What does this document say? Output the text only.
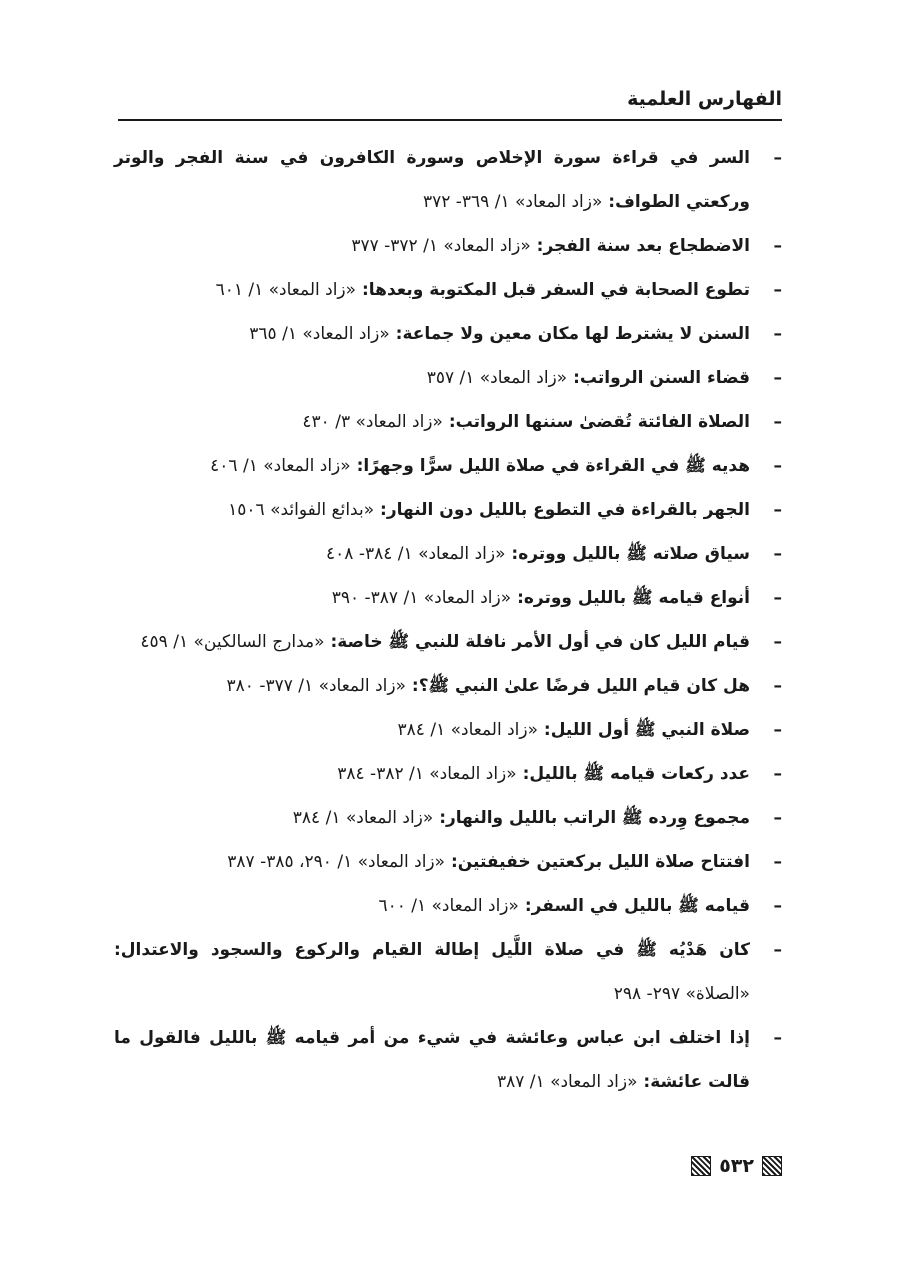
الفهارس العلمية
–
السر في قراءة سورة الإخلاص وسورة الكافرون في سنة الفجر والوتر وركعتي الطواف: «زاد المعاد» ١/ ٣٦٩- ٣٧٢
–
الاضطجاع بعد سنة الفجر: «زاد المعاد» ١/ ٣٧٢- ٣٧٧
–
تطوع الصحابة في السفر قبل المكتوبة وبعدها: «زاد المعاد» ١/ ٦٠١
–
السنن لا يشترط لها مكان معين ولا جماعة: «زاد المعاد» ١/ ٣٦٥
–
قضاء السنن الرواتب: «زاد المعاد» ١/ ٣٥٧
–
الصلاة الفائتة تُقضىٰ سننها الرواتب: «زاد المعاد» ٣/ ٤٣٠
–
هديه ﷺ في القراءة في صلاة الليل سرًّا وجهرًا: «زاد المعاد» ١/ ٤٠٦
–
الجهر بالقراءة في التطوع بالليل دون النهار: «بدائع الفوائد» ١٥٠٦
–
سياق صلاته ﷺ بالليل ووتره: «زاد المعاد» ١/ ٣٨٤- ٤٠٨
–
أنواع قيامه ﷺ بالليل ووتره: «زاد المعاد» ١/ ٣٨٧- ٣٩٠
–
قيام الليل كان في أول الأمر نافلة للنبي ﷺ خاصة: «مدارج السالكين» ١/ ٤٥٩
–
هل كان قيام الليل فرضًا علىٰ النبي ﷺ؟: «زاد المعاد» ١/ ٣٧٧- ٣٨٠
–
صلاة النبي ﷺ أول الليل: «زاد المعاد» ١/ ٣٨٤
–
عدد ركعات قيامه ﷺ بالليل: «زاد المعاد» ١/ ٣٨٢- ٣٨٤
–
مجموع وِرده ﷺ الراتب بالليل والنهار: «زاد المعاد» ١/ ٣٨٤
–
افتتاح صلاة الليل بركعتين خفيفتين: «زاد المعاد» ١/ ٢٩٠، ٣٨٥- ٣٨٧
–
قيامه ﷺ بالليل في السفر: «زاد المعاد» ١/ ٦٠٠
–
كان هَدْيُه ﷺ في صلاة اللَّيل إطالة القيام والركوع والسجود والاعتدال: «الصلاة» ٢٩٧- ٢٩٨
–
إذا اختلف ابن عباس وعائشة في شيء من أمر قيامه ﷺ بالليل فالقول ما قالت عائشة: «زاد المعاد» ١/ ٣٨٧
٥٣٢
